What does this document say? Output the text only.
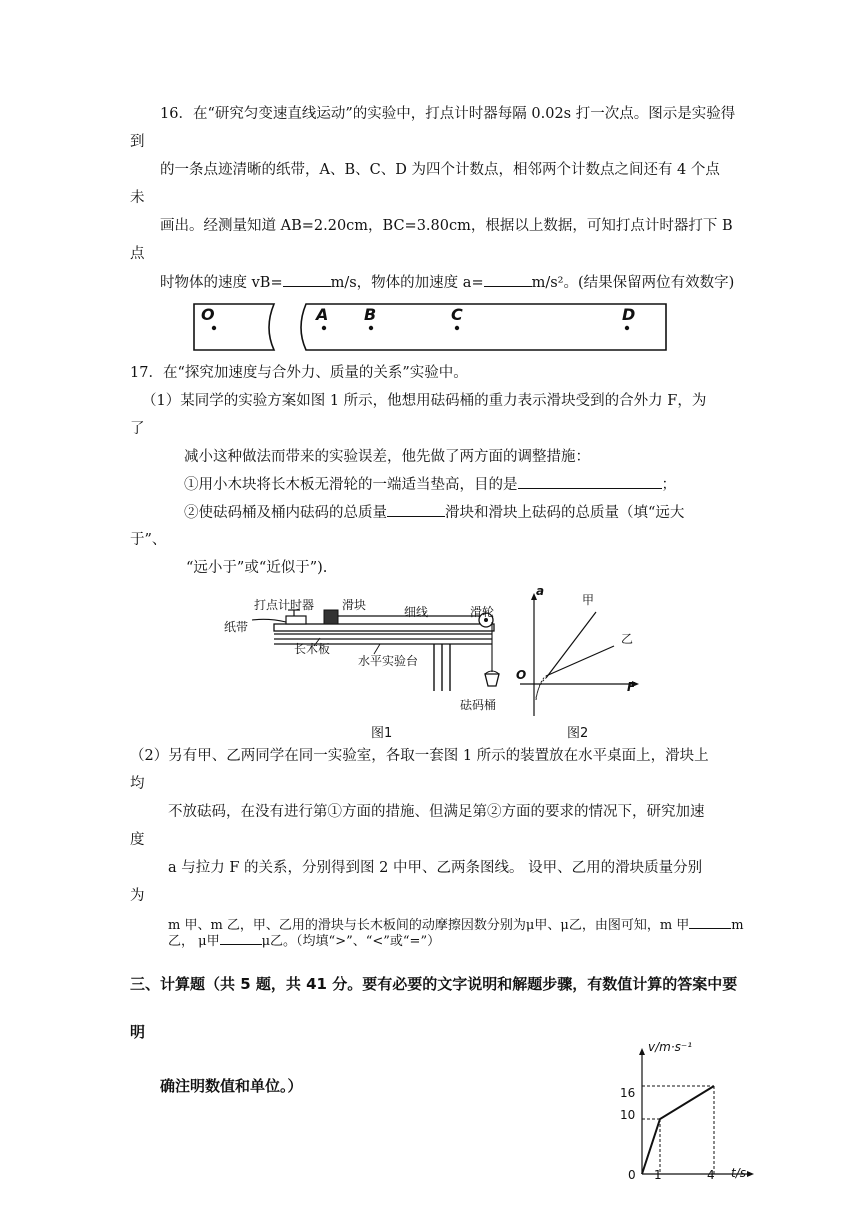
16．在“研究匀变速直线运动”的实验中，打点计时器每隔 0.02s 打一次点。图示是实验得
到
的一条点迹清晰的纸带，A、B、C、D 为四个计数点，相邻两个计数点之间还有 4 个点
未
画出。经测量知道 AB=2.20cm，BC=3.80cm，根据以上数据，可知打点计时器打下 B
点
时物体的速度 vB=	m/s，物体的加速度 a=	m/s²。(结果保留两位有效数字)
O	A B	C	D
17．在“探究加速度与合外力、质量的关系”实验中。
（1）某同学的实验方案如图 1 所示，他想用砝码桶的重力表示滑块受到的合外力 F，为
了
减小这种做法而带来的实验误差，他先做了两方面的调整措施：
①用小木块将长木板无滑轮的一端适当垫高，目的是	；
②使砝码桶及桶内砝码的总质量	滑块和滑块上砝码的总质量（填“远大
于”、
“远小于”或“近似于”).
打点计时器 滑块	细线	滑轮
纸带
长木板
水平实验台
砝码桶
图1
a
甲
乙
O
F
图2
（2）另有甲、乙两同学在同一实验室，各取一套图 1 所示的装置放在水平桌面上，滑块上
均
不放砝码，在没有进行第①方面的措施、但满足第②方面的要求的情况下，研究加速
度
a 与拉力 F 的关系，分别得到图 2 中甲、乙两条图线。 设甲、乙用的滑块质量分别
为
m 甲、m 乙，甲、乙用的滑块与长木板间的动摩擦因数分别为μ甲、μ乙，由图可知，m 甲	m
乙， μ甲	μ乙。（均填“>”、“<”或“=”）
三、计算题（共 5 题，共 41 分。要有必要的文字说明和解题步骤，有数值计算的答案中要
明
确注明数值和单位。）
v/m·s⁻¹
t/s
16
10
0 1	4
